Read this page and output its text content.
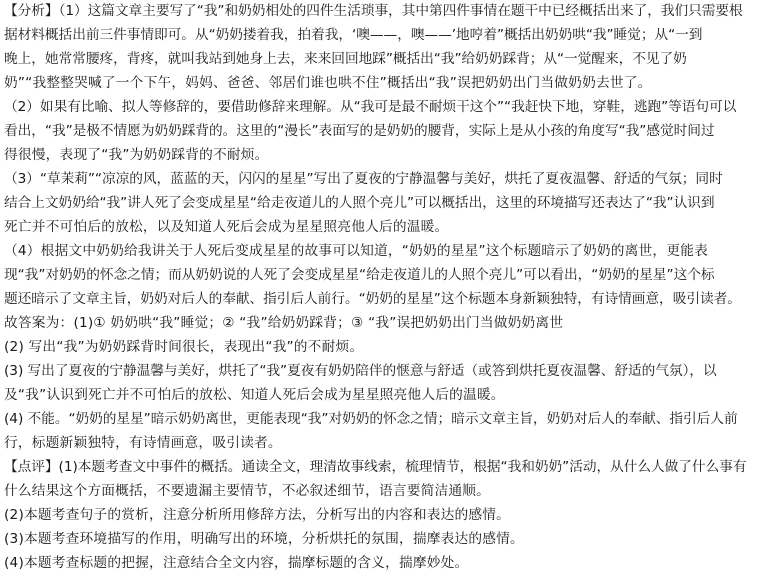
【分析】（1）这篇文章主要写了“我”和奶奶相处的四件生活琐事，其中第四件事情在题干中已经概括出来了，我们只需要根
据材料概括出前三件事情即可。从“奶奶搂着我，拍着我，‘噢——，噢——’地哼着”概括出奶奶哄“我”睡觉；从“一到
晚上，她常常腰疼，背疼，就叫我站到她身上去，来来回回地踩”概括出“我”给奶奶踩背；从“一觉醒来，不见了奶
奶”“我整整哭喊了一个下午，妈妈、爸爸、邻居们谁也哄不住”概括出“我”误把奶奶出门当做奶奶去世了。
（2）如果有比喻、拟人等修辞的，要借助修辞来理解。从“我可是最不耐烦干这个”“我赶快下地，穿鞋，逃跑”等语句可以
看出，“我”是极不情愿为奶奶踩背的。这里的“漫长”表面写的是奶奶的腰背，实际上是从小孩的角度写“我”感觉时间过
得很慢，表现了“我”为奶奶踩背的不耐烦。
（3）“草茉莉”“凉凉的风，蓝蓝的天，闪闪的星星”写出了夏夜的宁静温馨与美好，烘托了夏夜温馨、舒适的气氛；同时
结合上文奶奶给“我”讲人死了会变成星星“给走夜道儿的人照个亮儿”可以概括出，这里的环境描写还表达了“我”认识到
死亡并不可怕后的放松，以及知道人死后会成为星星照亮他人后的温暖。
（4）根据文中奶奶给我讲关于人死后变成星星的故事可以知道，“奶奶的星星”这个标题暗示了奶奶的离世，更能表
现“我”对奶奶的怀念之情；而从奶奶说的人死了会变成星星“给走夜道儿的人照个亮儿”可以看出，“奶奶的星星”这个标
题还暗示了文章主旨，奶奶对后人的奉献、指引后人前行。“奶奶的星星”这个标题本身新颖独特，有诗情画意，吸引读者。
故答案为：(1)① 奶奶哄“我”睡觉；② “我”给奶奶踩背；③ “我”误把奶奶出门当做奶奶离世
(2) 写出“我”为奶奶踩背时间很长，表现出“我”的不耐烦。
(3) 写出了夏夜的宁静温馨与美好，烘托了“我”夏夜有奶奶陪伴的惬意与舒适（或答到烘托夏夜温馨、舒适的气氛），以
及“我”认识到死亡并不可怕后的放松、知道人死后会成为星星照亮他人后的温暖。
(4) 不能。“奶奶的星星”暗示奶奶离世，更能表现“我”对奶奶的怀念之情；暗示文章主旨，奶奶对后人的奉献、指引后人前
行，标题新颖独特，有诗情画意，吸引读者。
【点评】(1)本题考查文中事件的概括。通读全文，理清故事线索，梳理情节，根据“我和奶奶”活动，从什么人做了什么事有
什么结果这个方面概括，不要遗漏主要情节，不必叙述细节，语言要简洁通顺。
(2)本题考查句子的赏析，注意分析所用修辞方法，分析写出的内容和表达的感情。
(3)本题考查环境描写的作用，明确写出的环境，分析烘托的氛围，揣摩表达的感情。
(4)本题考查标题的把握，注意结合全文内容，揣摩标题的含义，揣摩妙处。
